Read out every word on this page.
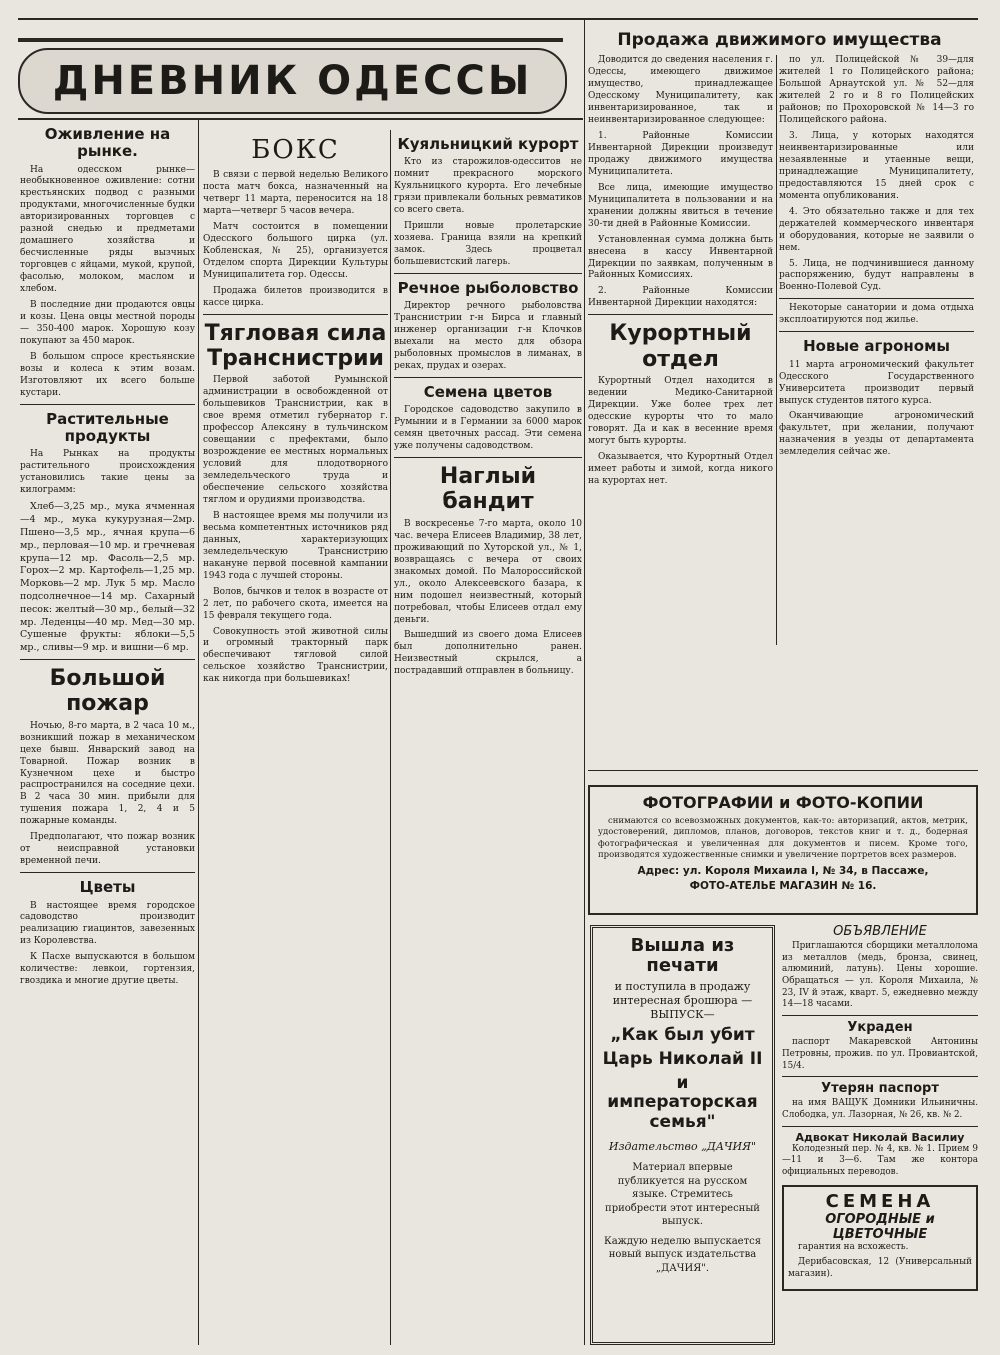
ДНЕВНИК ОДЕССЫ
Продажа движимого имущества
Оживление на рынке.

На одесском рынке—необыкновенное оживление: сотни крестьянских подвод с разными продуктами, многочисленные будки авторизированных торговцев с разной снедью и предметами домашнего хозяйства и бесчисленные ряды вызчных торговцев с яйцами, мукой, крупой, фасолью, молоком, маслом и хлебом.

В последние дни продаются овцы и козы. Цена овцы местной породы— 350-400 марок. Хорошую козу покупают за 450 марок.

В большом спросе крестьянские возы и колеса к этим возам. Изготовляют их всего больше кустари.

Растительные продукты

На Рынках на продукты растительного происхождения установились такие цены за килограмм:

Хлеб—3,25 мр., мука ячменная—4 мр., мука кукурузная—2мр. Пшено—3,5 мр., ячная крупа—6 мр., перловая—10 мр. и гречневая крупа—12 мр. Фасоль—2,5 мр. Горох—2 мр. Картофель—1,25 мр. Морковь—2 мр. Лук 5 мр. Масло подсолнечное—14 мр. Сахарный песок: желтый—30 мр., белый—32 мр. Леденцы—40 мр. Мед—30 мр. Сушеные фрукты: яблоки—5,5 мр., сливы—9 мр. и вишни—6 мр.

Большой пожар

Ночью, 8-го марта, в 2 часа 10 м., возникший пожар в механическом цехе бывш. Январский завод на Товарной. Пожар возник в Кузнечном цехе и быстро распространился на соседние цехи. В 2 часа 30 мин. прибыли для тушения пожара 1, 2, 4 и 5 пожарные команды.

Предполагают, что пожар возник от неисправной установки временной печи.

Цветы

В настоящее время городское садоводство производит реализацию гиацинтов, завезенных из Королевства.

К Пасхе выпускаются в большом количестве: левкои, гортензия, гвоздика и многие другие цветы.

БОКС

В связи с первой неделью Великого поста матч бокса, назначенный на четверг 11 марта, переносится на 18 марта—четверг 5 часов вечера.

Матч состоится в помещении Одесского большого цирка (ул. Кобленская, № 25), организуется Отделом спорта Дирекции Культуры Муниципалитета гор. Одессы.

Продажа билетов производится в кассе цирка.

Тягловая сила Транснистрии

Первой заботой Румынской администрации в освобожденной от большевиков Транснистрии, как в свое время отметил губернатор г. профессор Алексяну в тульчинском совещании с префектами, было возрождение ее местных нормальных условий для плодотворного земледельческого труда и обеспечение сельского хозяйства тяглом и орудиями производства.

В настоящее время мы получили из весьма компетентных источников ряд данных, характеризующих земледельческую Транснистрию накануне первой посевной кампании 1943 года с лучшей стороны.

Волов, бычков и телок в возрасте от 2 лет, по рабочего скота, имеется на 15 февраля текущего года.

Совокупность этой животной силы и огромный тракторный парк обеспечивают тягловой силой сельское хозяйство Транснистрии, как никогда при большевиках!

Куяльницкий курорт

Кто из старожилов-одесситов не помнит прекрасного морского Куяльницкого курорта. Его лечебные грязи привлекали больных ревматиков со всего света.

Пришли новые пролетарские хозяева. Граница взяли на крепкий замок. Здесь процветал большевистский лагерь.

Речное рыболовство

Директор речного рыболовства Транснистрии г-н Бирса и главный инженер организации г-н Клочков выехали на место для обзора рыболовных промыслов в лиманах, в реках, прудах и озерах.

Семена цветов

Городское садоводство закупило в Румынии и в Германии за 6000 марок семян цветочных рассад. Эти семена уже получены садоводством.

Наглый бандит

В воскресенье 7-го марта, около 10 час. вечера Елисеев Владимир, 38 лет, проживающий по Хуторской ул., № 1, возвращаясь с вечера от своих знакомых домой. По Малороссийской ул., около Алексеевского базара, к ним подошел неизвестный, который потребовал, чтобы Елисеев отдал ему деньги.

Вышедший из своего дома Елисеев был дополнительно ранен. Неизвестный скрылся, а пострадавший отправлен в больницу.

Доводится до сведения населения г. Одессы, имеющего движимое имущество, принадлежащее Одесскому Муниципалитету, как инвентаризированное, так и неинвентаризированное следующее:

1. Районные Комиссии Инвентарной Дирекции произведут продажу движимого имущества Муниципалитета.

Все лица, имеющие имущество Муниципалитета в пользовании и на хранении должны явиться в течение 30-ти дней в Районные Комиссии.

Установленная сумма должна быть внесена в кассу Инвентарной Дирекции по заявкам, полученным в Районных Комиссиях.

2. Районные Комиссии Инвентарной Дирекции находятся:

Курортный отдел

Курортный Отдел находится в ведении Медико-Санитарной Дирекции. Уже более трех лет одесские курорты что то мало говорят. Да и как в весенние время могут быть курорты.

Оказывается, что Курортный Отдел имеет работы и зимой, когда никого на курортах нет.

по ул. Полицейской № 39—для жителей 1 го Полицейского района; Большой Арнаутской ул. № 52—для жителей 2 го и 8 го Полицейских районов; по Прохоровской № 14—3 го Полицейского района.

3. Лица, у которых находятся неинвентаризированные или незаявленные и утаенные вещи, принадлежащие Муниципалитету, предоставляются 15 дней срок с момента опубликования.

4. Это обязательно также и для тех держателей коммерческого инвентаря и оборудования, которые не заявили о нем.

5. Лица, не подчинившиеся данному распоряжению, будут направлены в Военно-Полевой Суд.

Некоторые санатории и дома отдыха эксплоатируются под жилье.

Новые агрономы

11 марта агрономический факультет Одесского Государственного Университета производит первый выпуск студентов пятого курса.

Оканчивающие агрономический факультет, при желании, получают назначения в уезды от департамента земледелия сейчас же.

ФОТОГРАФИИ и ФОТО-КОПИИ

снимаются со всевозможных документов, как-то: авторизаций, актов, метрик, удостоверений, дипломов, планов, договоров, текстов книг и т. д., бодерная фотографическая и увеличенная для документов и писем. Кроме того, производятся художественные снимки и увеличение портретов всех размеров.

Адрес: ул. Короля Михаила I, № 34, в Пассаже,
ФОТО-АТЕЛЬЕ МАГАЗИН № 16.
Вышла из печати
и поступила в продажу интересная брошюра — ВЫПУСК—
„Как был убит
Царь Николай II
и императорская семья"
Издательство „ДАЧИЯ"
Материал впервые публикуется на русском языке. Стремитесь приобрести этот интересный выпуск.
Каждую неделю выпускается новый выпуск издательства „ДАЧИЯ".
ОБЪЯВЛЕНИЕ

Приглашаются сборщики металлолома из металлов (медь, бронза, свинец, алюминий, латунь). Цены хорошие. Обращаться — ул. Короля Михаила, № 23, IV й этаж, кварт. 5, ежедневно между 14—18 часами.

Украден

паспорт Макаревской Антонины Петровны, прожив. по ул. Провиантской, 15/4.

Утерян паспорт

на имя ВАЩУК Домники Ильиничны. Слободка, ул. Лазорная, № 26, кв. № 2.

Адвокат Николай Василиу

Колодезный пер. № 4, кв. № 1. Прием 9—11 и 3—6. Там же контора официальных переводов.

СЕМЕНА
ОГОРОДНЫЕ и ЦВЕТОЧНЫЕ

гарантия на всхожесть.

Дерибасовская, 12 (Универсальный магазин).
